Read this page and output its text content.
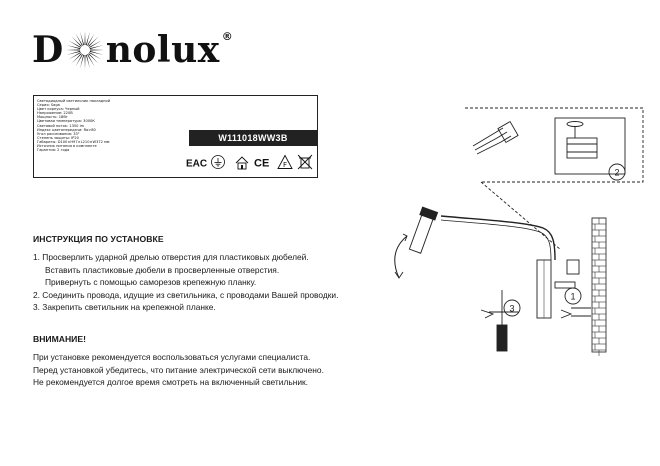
D nolux ®
Светодиодный светильник накладной
Серия: Saga
Цвет корпуса: Черный
Напряжение: 220В
Мощность: 18Вт
Цветовая температура: 3000К
Световой поток: 1350 lm
Индекс цветопередачи: Ra>80
Угол рассеивания: 33°
Степень защиты: IP20
Габариты: D100×H97×L210×W372 мм
Источник питания в комплекте
Гарантия: 2 года
W111018WW3B
EAC	CE F
ИНСТРУКЦИЯ ПО УСТАНОВКЕ
1. Просверлить ударной дрелью отверстия для пластиковых дюбелей.
Вставить пластиковые дюбели в просверленные отверстия.
Привернуть с помощью саморезов крепежную планку.
2. Соединить провода, идущие из светильника, с проводами Вашей проводки.
3. Закрепить светильник на крепежной планке.
ВНИМАНИЕ!
При установке рекомендуется воспользоваться услугами специалиста.
Перед установкой убедитесь, что питание электрической сети выключено.
Не рекомендуется долгое время смотреть на включенный светильник.
2
1
3
